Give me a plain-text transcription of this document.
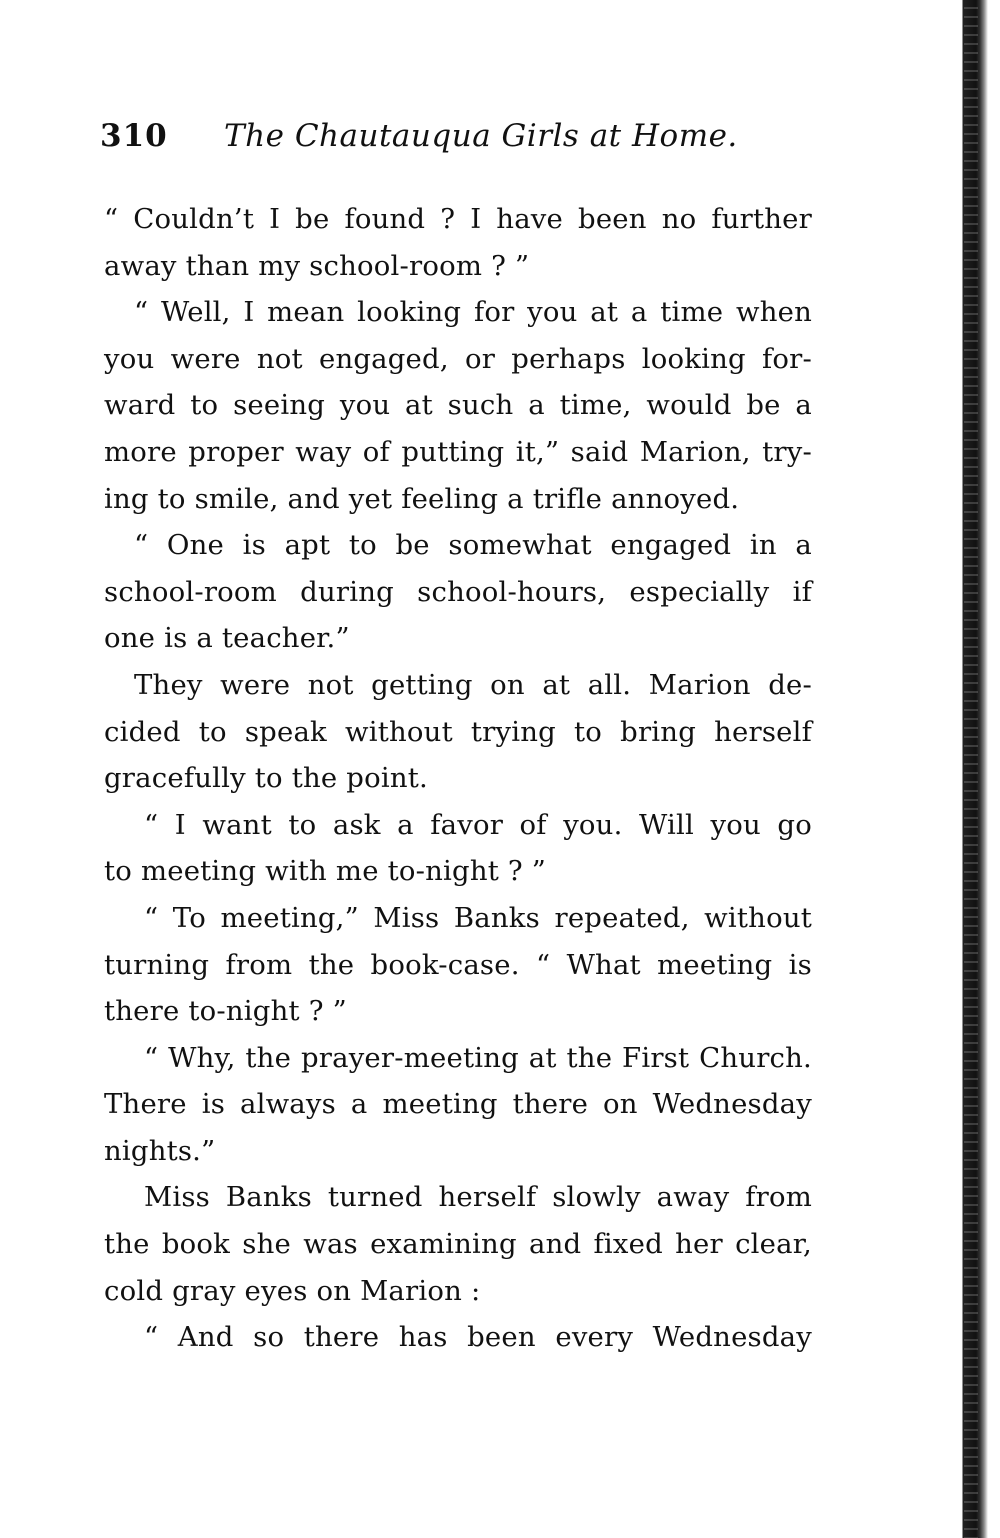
310 The Chautauqua Girls at Home.
“ Couldn’t I be found ? I have been no further
away than my school-room ? ”
“ Well, I mean looking for you at a time when
you were not engaged, or perhaps looking for-
ward to seeing you at such a time, would be a
more proper way of putting it,” said Marion, try-
ing to smile, and yet feeling a trifle annoyed.
“ One is apt to be somewhat engaged in a
school-room during school-hours, especially if
one is a teacher.”
They were not getting on at all. Marion de-
cided to speak without trying to bring herself
gracefully to the point.
“ I want to ask a favor of you. Will you go
to meeting with me to-night ? ”
“ To meeting,” Miss Banks repeated, without
turning from the book-case. “ What meeting is
there to-night ? ”
“ Why, the prayer-meeting at the First Church.
There is always a meeting there on Wednesday
nights.”
Miss Banks turned herself slowly away from
the book she was examining and fixed her clear,
cold gray eyes on Marion :
“ And so there has been every Wednesday
